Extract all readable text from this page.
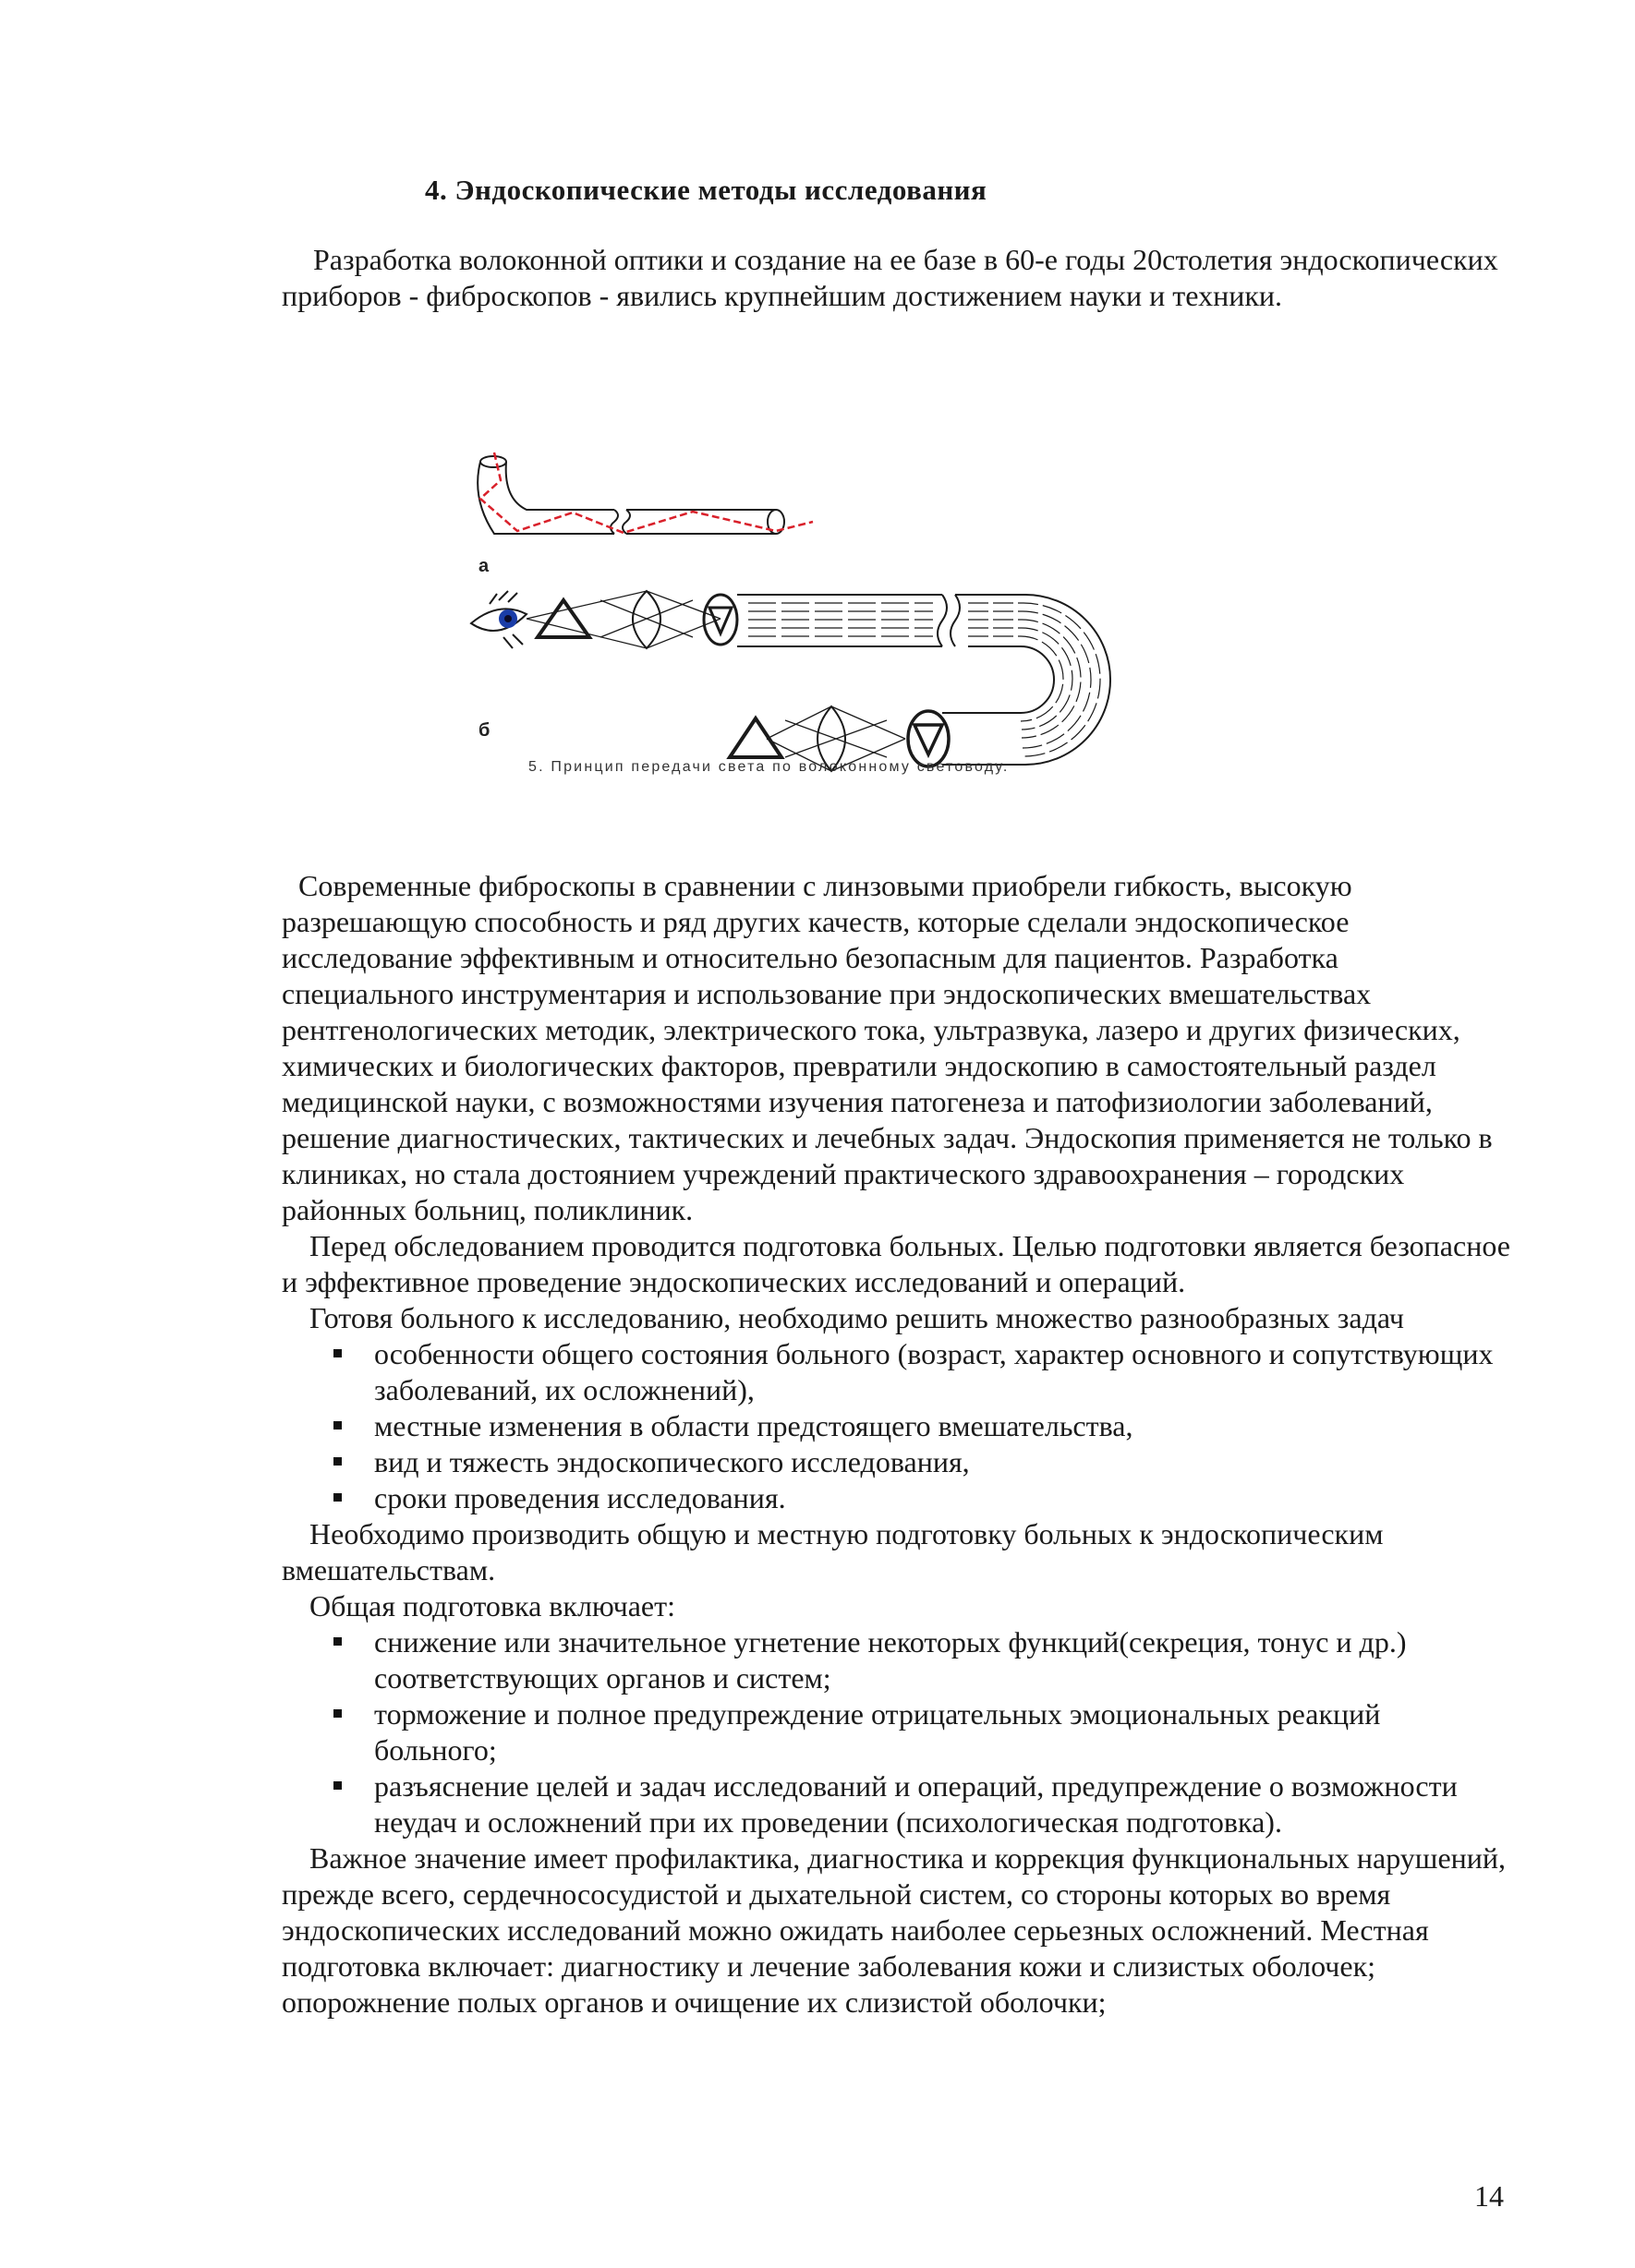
4. Эндоскопические методы исследования

Разработка волоконной оптики и создание на ее базе в 60-е годы 20столетия эндоскопических приборов - фиброскопов - явились крупнейшим достижением науки и техники.

а
б
5. Принцип передачи света по волоконному световоду.

Современные фиброскопы в сравнении с линзовыми приобрели гибкость, высокую разрешающую способность и ряд других качеств, которые сделали эндоскопическое исследование эффективным и относительно безопасным для пациентов. Разработка специального инструментария и использование при эндоскопических вмешательствах рентгенологических методик, электрического тока, ультразвука, лазеро и других физических, химических и биологических факторов, превратили эндоскопию в самостоятельный раздел медицинской науки, с возможностями изучения патогенеза и патофизиологии заболеваний, решение диагностических, тактических и лечебных задач. Эндоскопия применяется не только в клиниках, но стала достоянием учреждений практического здравоохранения – городских районных больниц, поликлиник.

Перед обследованием проводится подготовка больных. Целью подготовки является безопасное и эффективное проведение эндоскопических исследований и операций.

Готовя больного к исследованию, необходимо решить множество разнообразных задач

особенности общего состояния больного (возраст, характер основного и сопутствующих заболеваний, их осложнений),
местные изменения в области предстоящего вмешательства,
вид и тяжесть эндоскопического исследования,
сроки проведения исследования.

Необходимо производить общую и местную подготовку больных к эндоскопическим вмешательствам.

Общая подготовка включает:

снижение или значительное угнетение некоторых функций(секреция, тонус и др.) соответствующих органов и систем;
торможение и полное предупреждение отрицательных эмоциональных реакций больного;
разъяснение целей и задач исследований и операций, предупреждение о возможности неудач и осложнений при их проведении (психологическая подготовка).

Важное значение имеет профилактика, диагностика и коррекция функциональных нарушений, прежде всего, сердечнососудистой и дыхательной систем, со стороны которых во время эндоскопических исследований можно ожидать наиболее серьезных осложнений. Местная подготовка включает: диагностику и лечение заболевания кожи и слизистых оболочек; опорожнение полых органов и очищение их слизистой оболочки;

14
